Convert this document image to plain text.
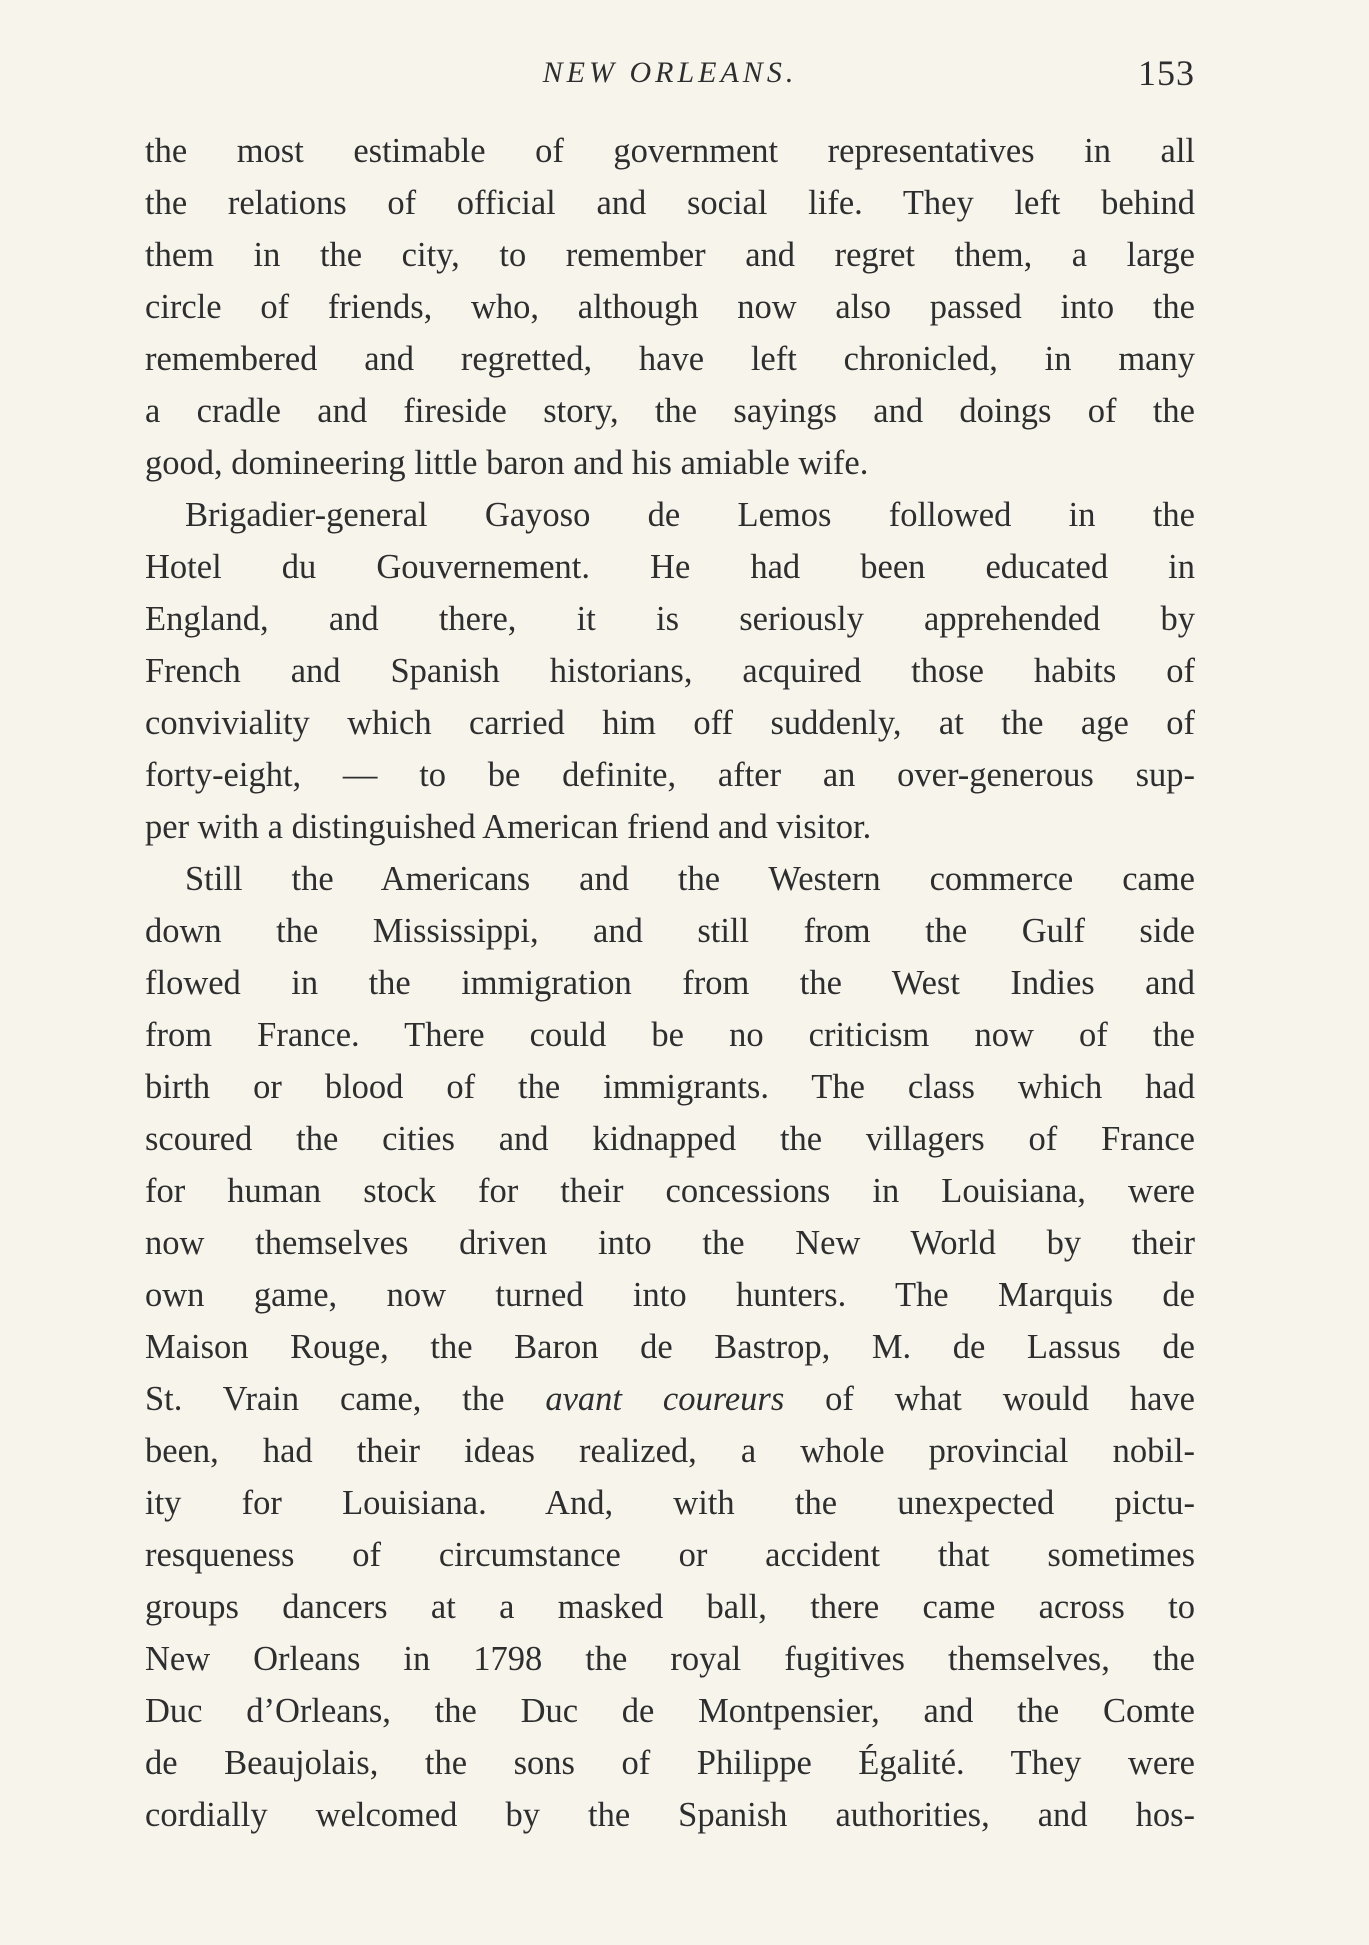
NEW ORLEANS.	153
the most estimable of government representatives in all
the relations of official and social life. They left behind
them in the city, to remember and regret them, a large
circle of friends, who, although now also passed into the
remembered and regretted, have left chronicled, in many
a cradle and fireside story, the sayings and doings of the
good, domineering little baron and his amiable wife.
Brigadier-general Gayoso de Lemos followed in the
Hotel du Gouvernement. He had been educated in
England, and there, it is seriously apprehended by
French and Spanish historians, acquired those habits of
conviviality which carried him off suddenly, at the age of
forty-eight, — to be definite, after an over-generous sup-
per with a distinguished American friend and visitor.
Still the Americans and the Western commerce came
down the Mississippi, and still from the Gulf side
flowed in the immigration from the West Indies and
from France. There could be no criticism now of the
birth or blood of the immigrants. The class which had
scoured the cities and kidnapped the villagers of France
for human stock for their concessions in Louisiana, were
now themselves driven into the New World by their
own game, now turned into hunters. The Marquis de
Maison Rouge, the Baron de Bastrop, M. de Lassus de
St. Vrain came, the avant coureurs of what would have
been, had their ideas realized, a whole provincial nobil-
ity for Louisiana. And, with the unexpected pictu-
resqueness of circumstance or accident that sometimes
groups dancers at a masked ball, there came across to
New Orleans in 1798 the royal fugitives themselves, the
Duc d’Orleans, the Duc de Montpensier, and the Comte
de Beaujolais, the sons of Philippe Égalité. They were
cordially welcomed by the Spanish authorities, and hos-
